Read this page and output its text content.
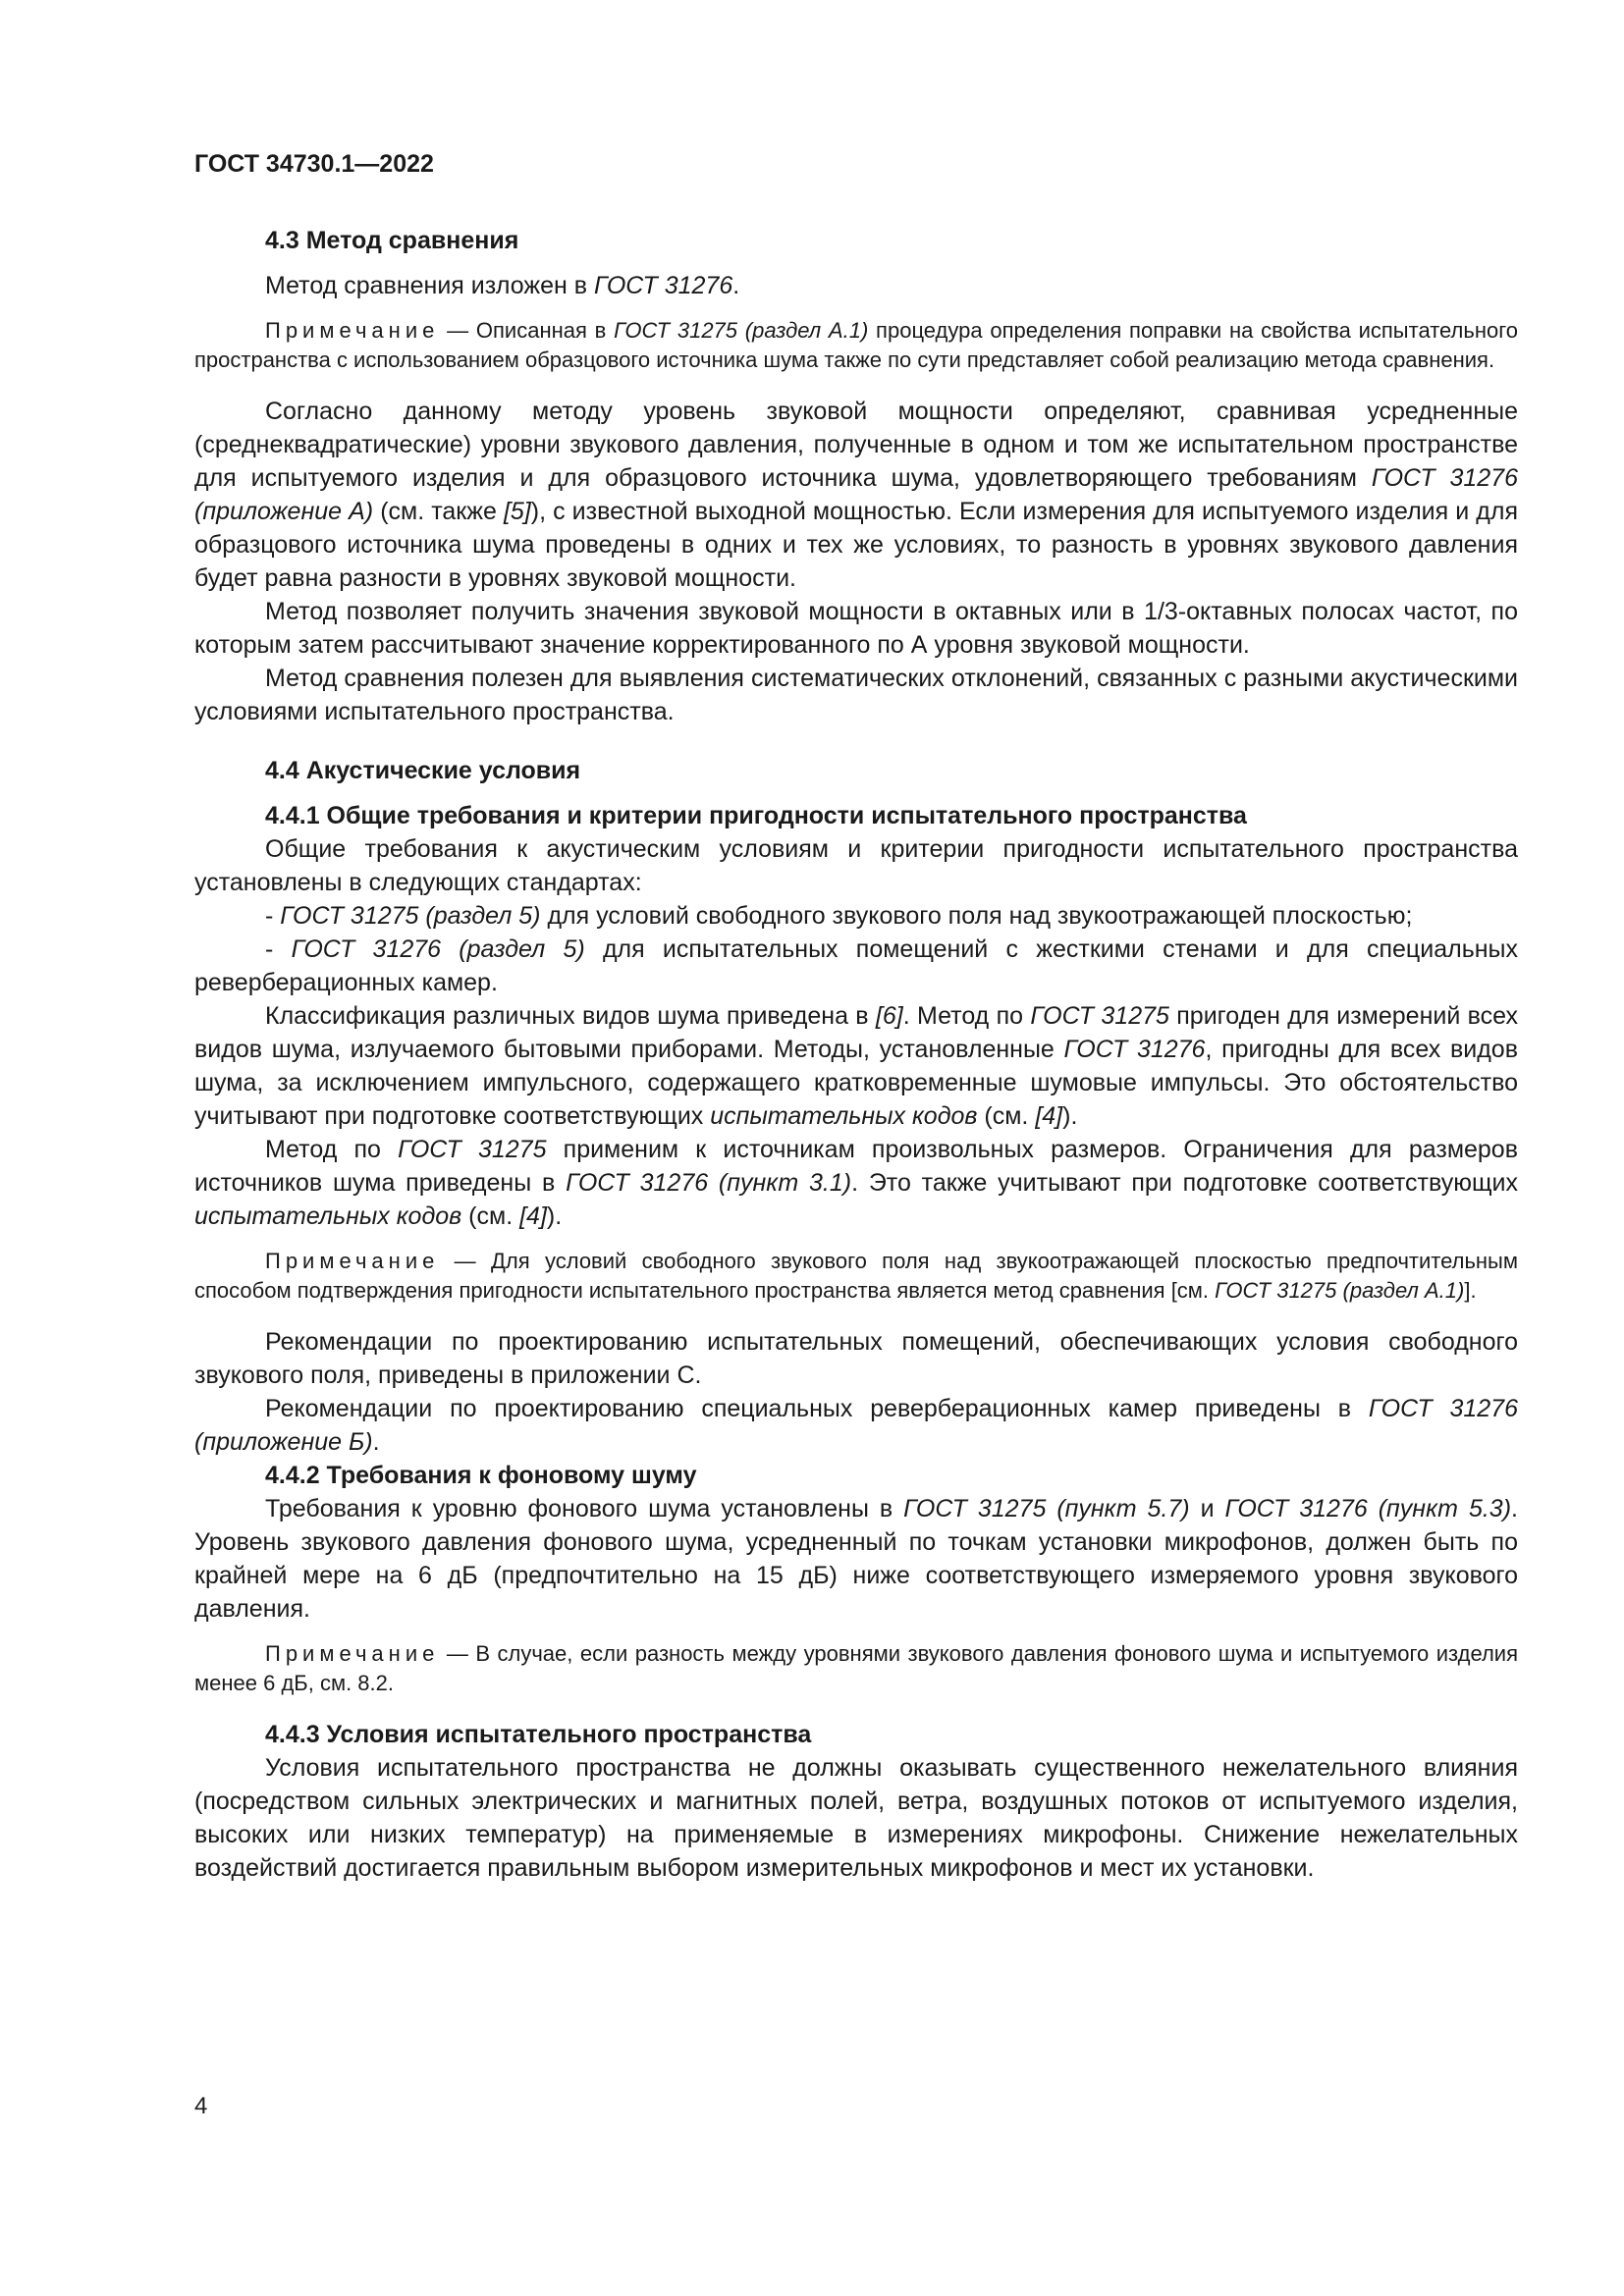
ГОСТ 34730.1—2022
4.3 Метод сравнения

Метод сравнения изложен в ГОСТ 31276.

Примечание — Описанная в ГОСТ 31275 (раздел А.1) процедура определения поправки на свойства испытательного пространства с использованием образцового источника шума также по сути представляет собой реализацию метода сравнения.

Согласно данному методу уровень звуковой мощности определяют, сравнивая усредненные (среднеквадратические) уровни звукового давления, полученные в одном и том же испытательном пространстве для испытуемого изделия и для образцового источника шума, удовлетворяющего требованиям ГОСТ 31276 (приложение А) (см. также [5]), с известной выходной мощностью. Если измерения для испытуемого изделия и для образцового источника шума проведены в одних и тех же условиях, то разность в уровнях звукового давления будет равна разности в уровнях звуковой мощности.

Метод позволяет получить значения звуковой мощности в октавных или в 1/3-октавных полосах частот, по которым затем рассчитывают значение корректированного по А уровня звуковой мощности.

Метод сравнения полезен для выявления систематических отклонений, связанных с разными акустическими условиями испытательного пространства.

4.4 Акустические условия
4.4.1 Общие требования и критерии пригодности испытательного пространства

Общие требования к акустическим условиям и критерии пригодности испытательного пространства установлены в следующих стандартах:

- ГОСТ 31275 (раздел 5) для условий свободного звукового поля над звукоотражающей плоскостью;

- ГОСТ 31276 (раздел 5) для испытательных помещений с жесткими стенами и для специальных реверберационных камер.

Классификация различных видов шума приведена в [6]. Метод по ГОСТ 31275 пригоден для измерений всех видов шума, излучаемого бытовыми приборами. Методы, установленные ГОСТ 31276, пригодны для всех видов шума, за исключением импульсного, содержащего кратковременные шумовые импульсы. Это обстоятельство учитывают при подготовке соответствующих испытательных кодов (см. [4]).

Метод по ГОСТ 31275 применим к источникам произвольных размеров. Ограничения для размеров источников шума приведены в ГОСТ 31276 (пункт 3.1). Это также учитывают при подготовке соответствующих испытательных кодов (см. [4]).

Примечание — Для условий свободного звукового поля над звукоотражающей плоскостью предпочтительным способом подтверждения пригодности испытательного пространства является метод сравнения [см. ГОСТ 31275 (раздел А.1)].

Рекомендации по проектированию испытательных помещений, обеспечивающих условия свободного звукового поля, приведены в приложении С.

Рекомендации по проектированию специальных реверберационных камер приведены в ГОСТ 31276 (приложение Б).

4.4.2 Требования к фоновому шуму

Требования к уровню фонового шума установлены в ГОСТ 31275 (пункт 5.7) и ГОСТ 31276 (пункт 5.3). Уровень звукового давления фонового шума, усредненный по точкам установки микрофонов, должен быть по крайней мере на 6 дБ (предпочтительно на 15 дБ) ниже соответствующего измеряемого уровня звукового давления.

Примечание — В случае, если разность между уровнями звукового давления фонового шума и испытуемого изделия менее 6 дБ, см. 8.2.

4.4.3 Условия испытательного пространства

Условия испытательного пространства не должны оказывать существенного нежелательного влияния (посредством сильных электрических и магнитных полей, ветра, воздушных потоков от испытуемого изделия, высоких или низких температур) на применяемые в измерениях микрофоны. Снижение нежелательных воздействий достигается правильным выбором измерительных микрофонов и мест их установки.

4
